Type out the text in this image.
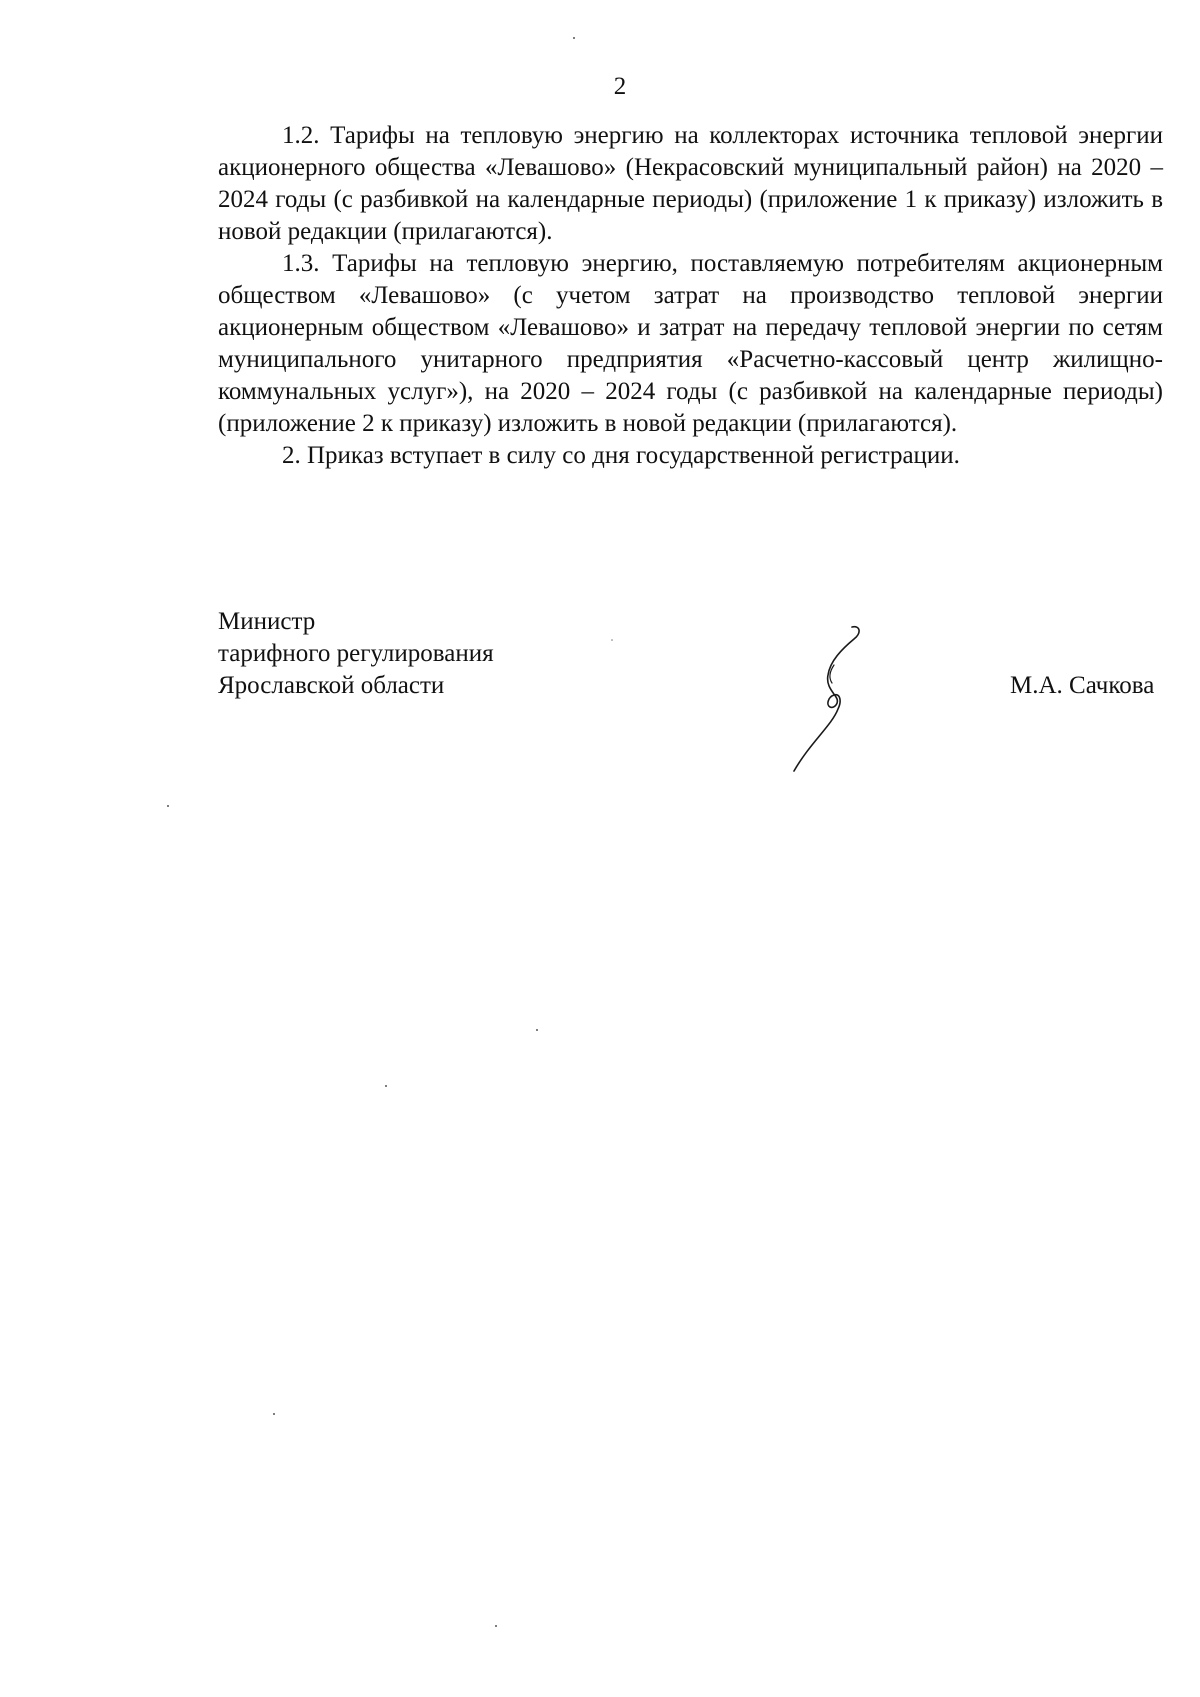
2

1.2. Тарифы на тепловую энергию на коллекторах источника тепловой энергии акционерного общества «Левашово» (Некрасовский муниципальный район) на 2020 – 2024 годы (с разбивкой на календарные периоды) (приложение 1 к приказу) изложить в новой редакции (прилагаются).

1.3. Тарифы на тепловую энергию, поставляемую потребителям акционерным обществом «Левашово» (с учетом затрат на производство тепловой энергии акционерным обществом «Левашово» и затрат на передачу тепловой энергии по сетям муниципального унитарного предприятия «Расчетно-кассовый центр жилищно-коммунальных услуг»), на 2020 – 2024 годы (с разбивкой на календарные периоды) (приложение 2 к приказу) изложить в новой редакции (прилагаются).

2. Приказ вступает в силу со дня государственной регистрации.

Министр
тарифного регулирования
Ярославской области	М.А. Сачкова
